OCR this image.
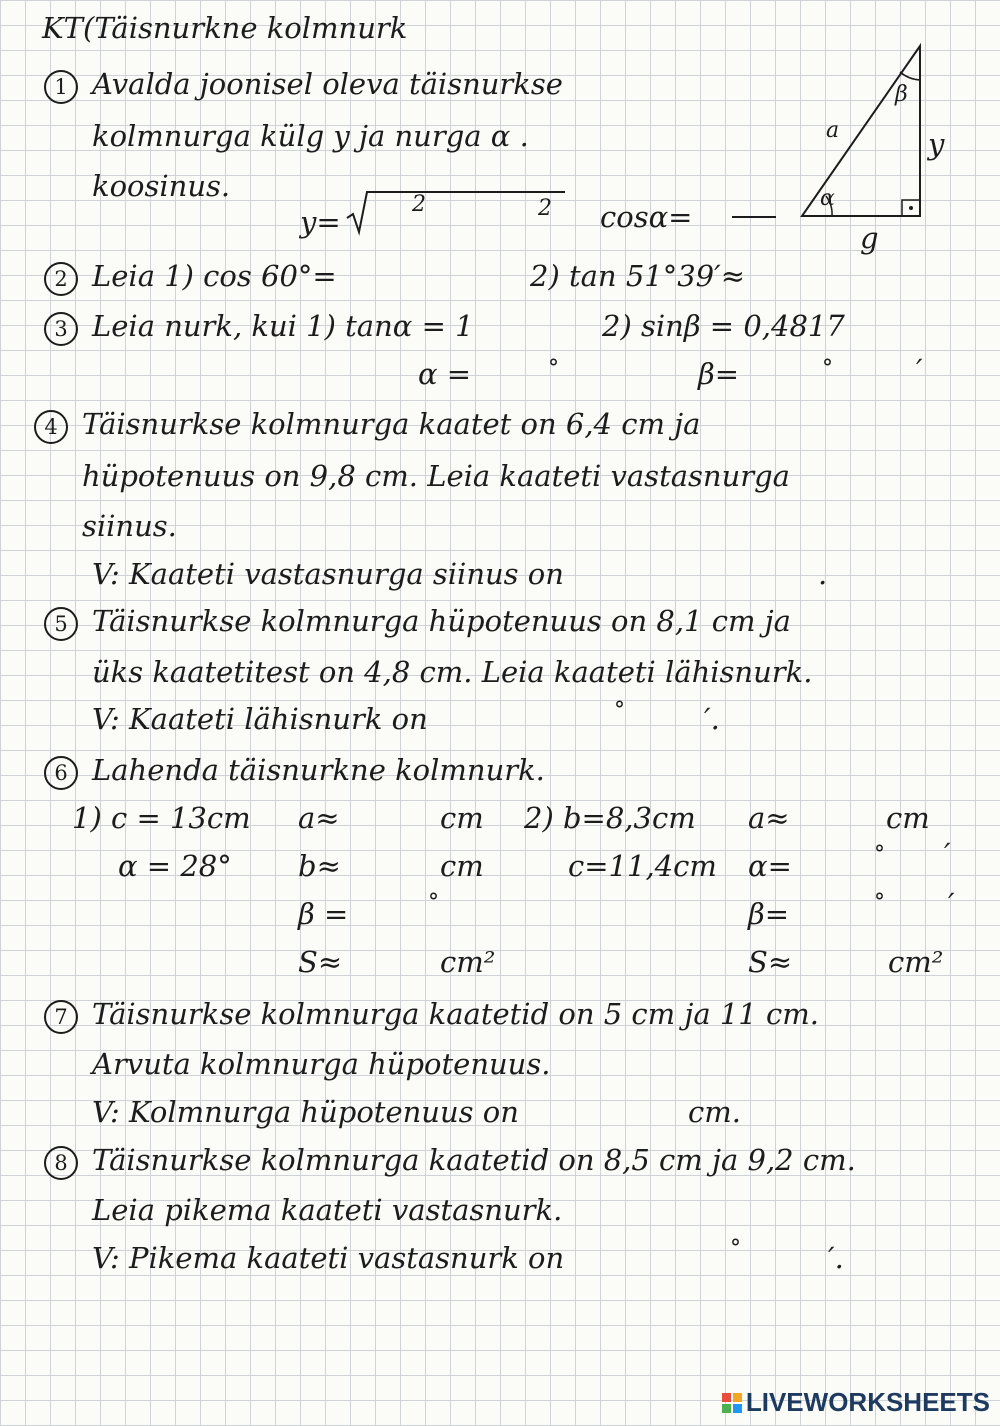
KT(Täisnurkne kolmnurk
1 Avalda joonisel oleva täisnurkse
kolmnurga külg y ja nurga α .
koosinus.
y=
2	2 cosα=
a	y
g
β
α
2 Leia 1) cos 60°=	2) tan 51°39′≈
3 Leia nurk, kui 1) tanα = 1	2) sinβ = 0,4817
α =	°	β=	°	′
4 Täisnurkse kolmnurga kaatet on 6,4 cm ja
hüpotenuus on 9,8 cm. Leia kaateti vastasnurga
siinus.
V: Kaateti vastasnurga siinus on	.
5 Täisnurkse kolmnurga hüpotenuus on 8,1 cm ja
üks kaatetitest on 4,8 cm. Leia kaateti lähisnurk.
V: Kaateti lähisnurk on	°	′.
6 Lahenda täisnurkne kolmnurk.
1) c = 13cm
α = 28°
a≈	cm
b≈	cm
β =	°
S≈	cm²
2) b=8,3cm
c=11,4cm
a≈	cm
α=	° ′
β=	° ′
S≈	cm²
7 Täisnurkse kolmnurga kaatetid on 5 cm ja 11 cm.
Arvuta kolmnurga hüpotenuus.
V: Kolmnurga hüpotenuus on	cm.
8 Täisnurkse kolmnurga kaatetid on 8,5 cm ja 9,2 cm.
Leia pikema kaateti vastasnurk.
V: Pikema kaateti vastasnurk on	°	′.
LIVEWORKSHEETS
